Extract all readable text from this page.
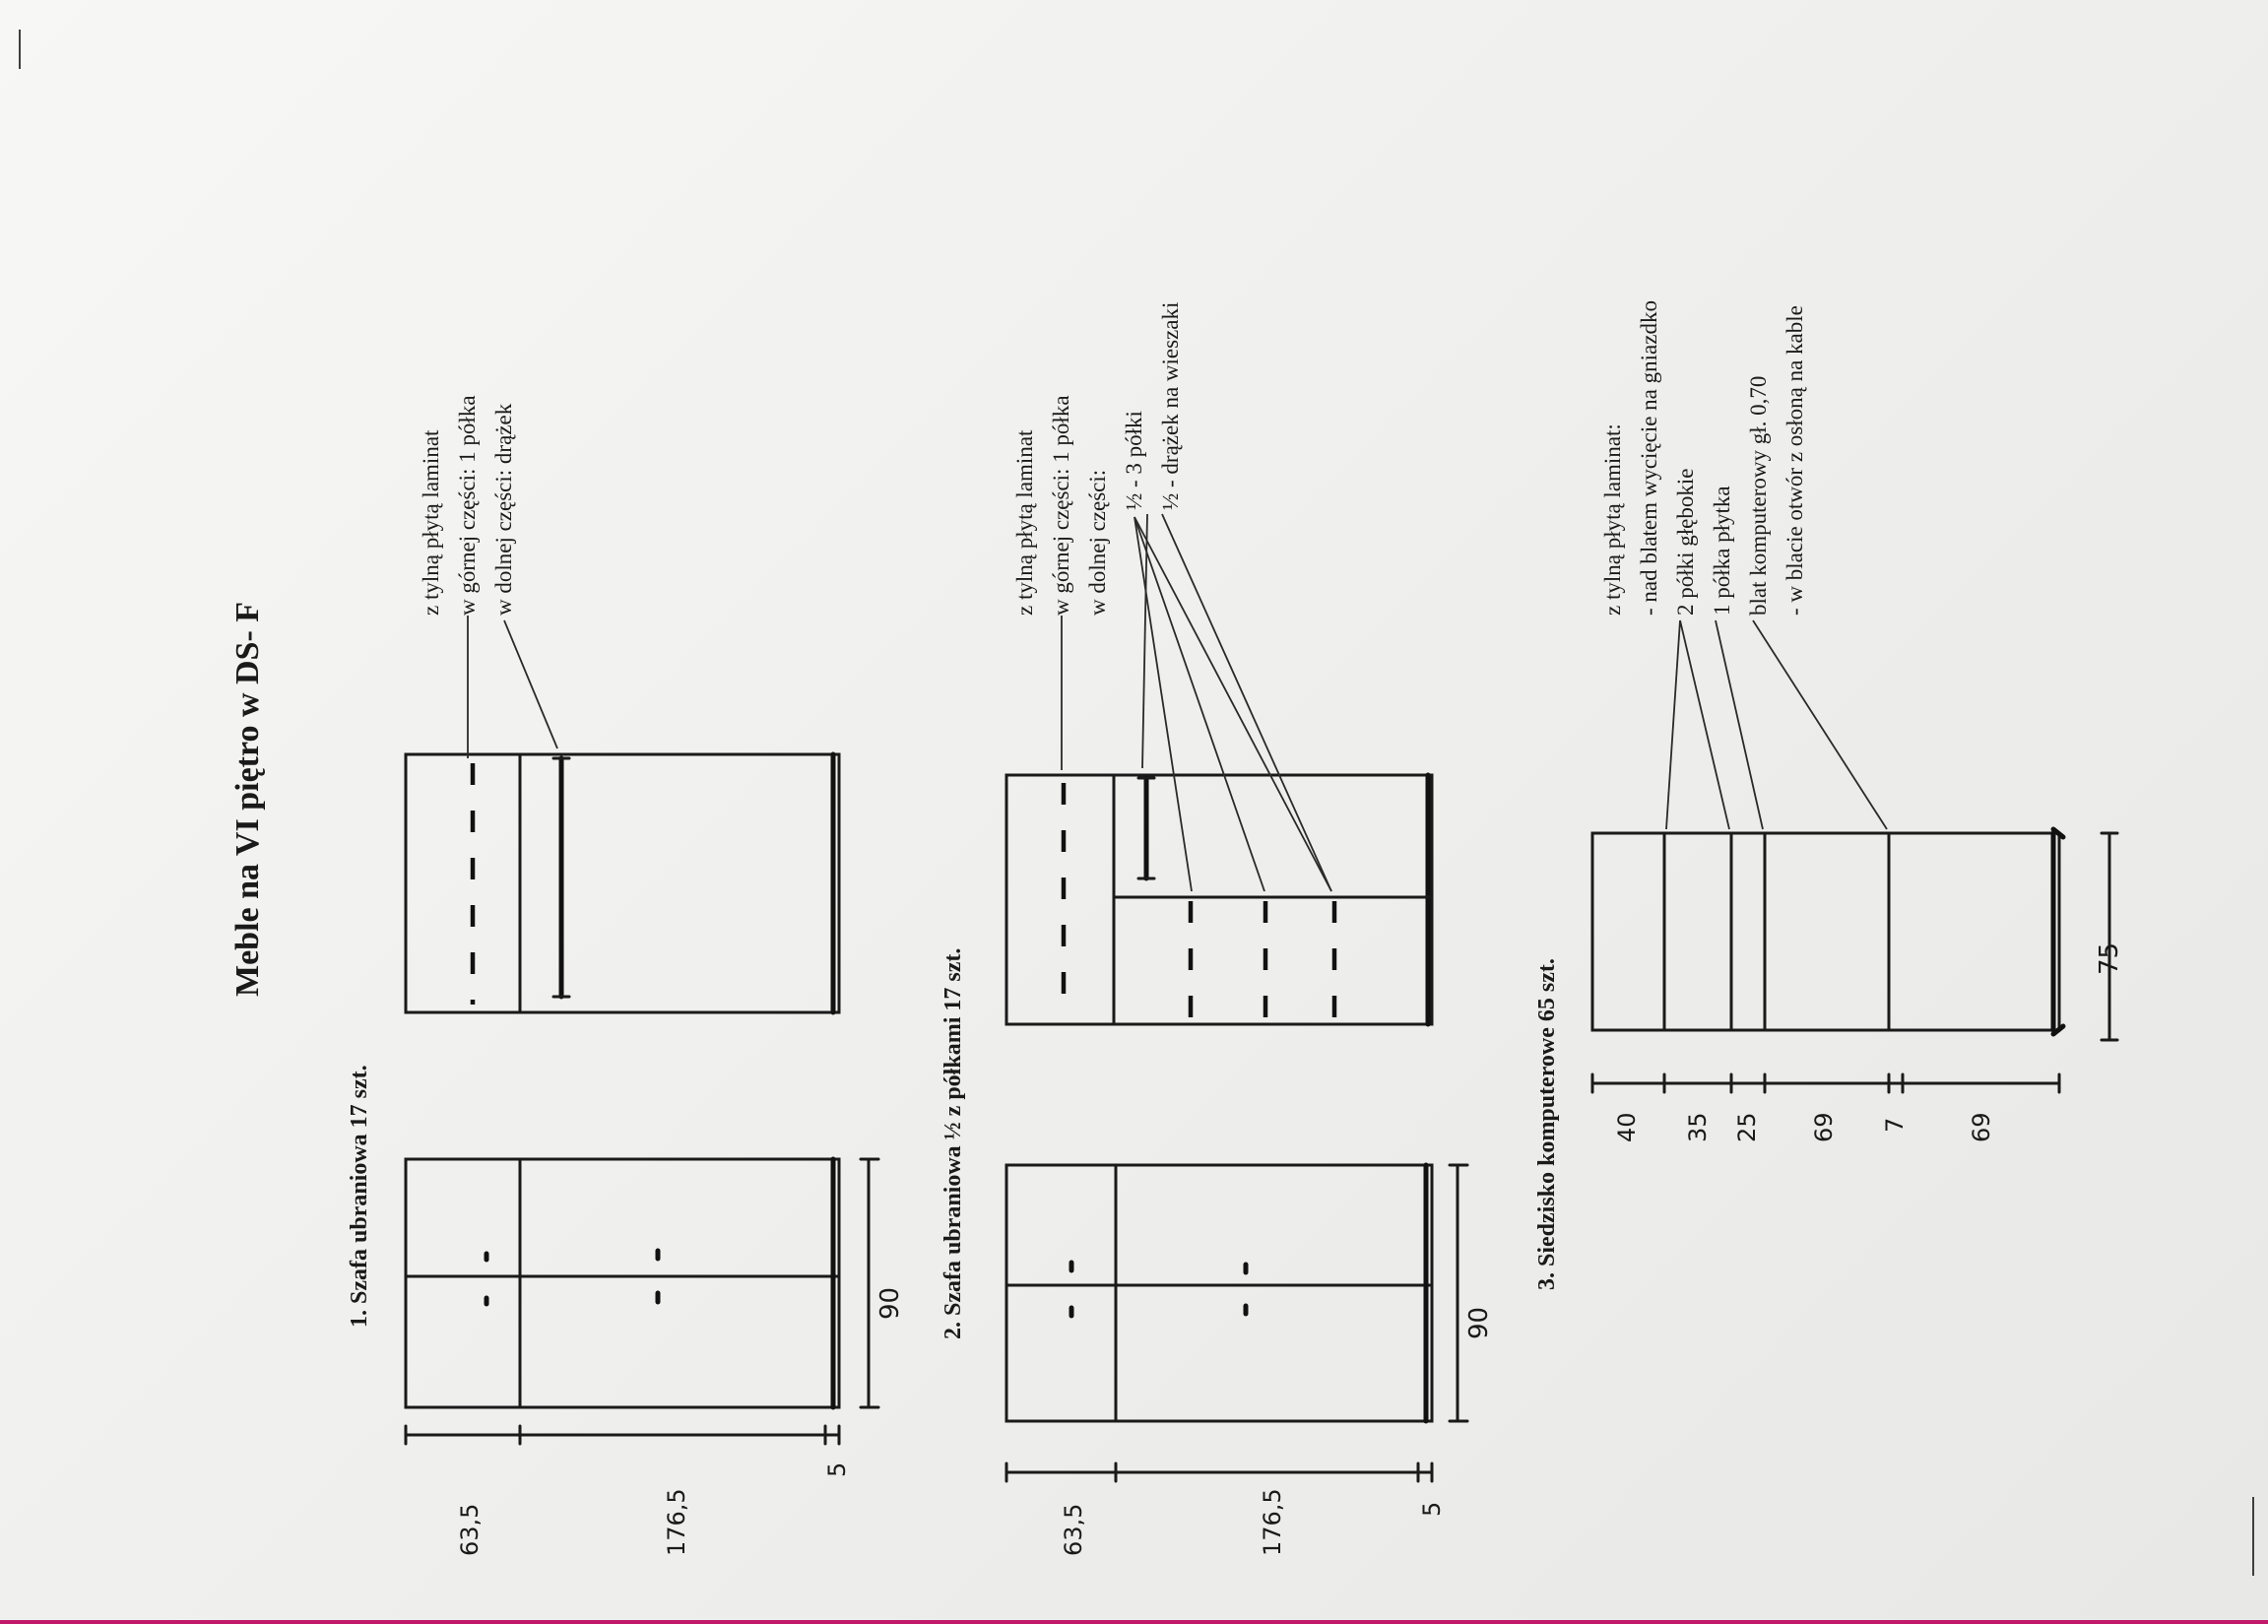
Meble na VI piętro w DS- F
1. Szafa ubraniowa 17 szt.
z tylną płytą laminat w górnej części: 1 półka w dolnej części: drążek
63,5	176,5
5
90 2. Szafa ubraniowa ½ z półkami 17 szt.
z tylną płytą laminat w górnej części: 1 półka w dolnej części:
½ - 3 półki ½ - drążek na wieszaki
63,5	176,5	5
90
3. Siedzisko komputerowe 65 szt.
z tylną płytą laminat: - nad blatem wycięcie na gniazdko 2 półki głębokie 1 półka płytka blat komputerowy gł. 0,70 - w blacie otwór z osłoną na kable
40 35 25 69 7	69
75
